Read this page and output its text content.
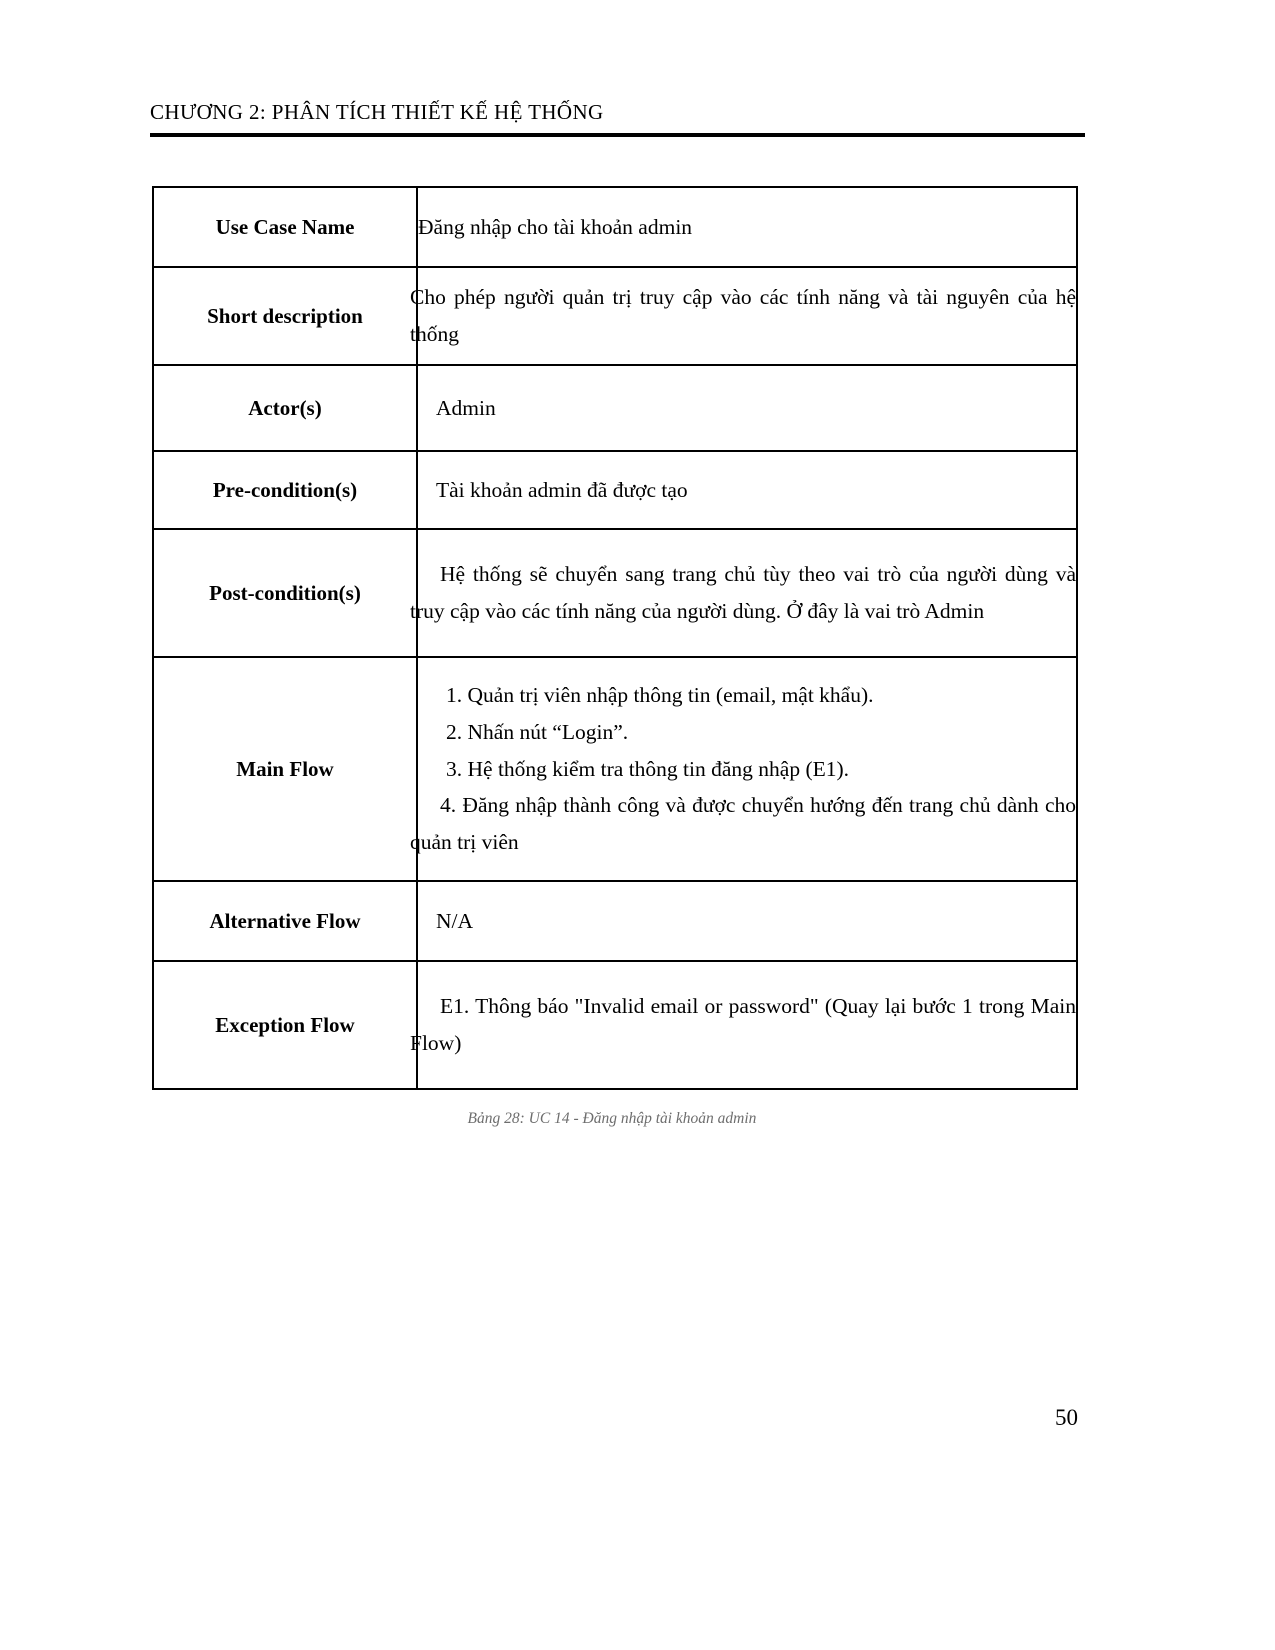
CHƯƠNG 2: PHÂN TÍCH THIẾT KẾ HỆ THỐNG
Use Case Name	Đăng nhập cho tài khoản admin

Short description	Cho phép người quản trị truy cập vào các tính năng và tài nguyên của hệ thống

Actor(s)	Admin

Pre-condition(s)	Tài khoản admin đã được tạo

Post-condition(s)	Hệ thống sẽ chuyển sang trang chủ tùy theo vai trò của người dùng và truy cập vào các tính năng của người dùng. Ở đây là vai trò Admin

Main Flow	1. Quản trị viên nhập thông tin (email, mật khẩu).

2. Nhấn nút “Login”.

3. Hệ thống kiểm tra thông tin đăng nhập (E1).

4. Đăng nhập thành công và được chuyển hướng đến trang chủ dành cho quản trị viên

Alternative Flow	N/A

Exception Flow	E1. Thông báo "Invalid email or password" (Quay lại bước 1 trong Main Flow)

Bảng 28: UC 14 - Đăng nhập tài khoản admin
50
